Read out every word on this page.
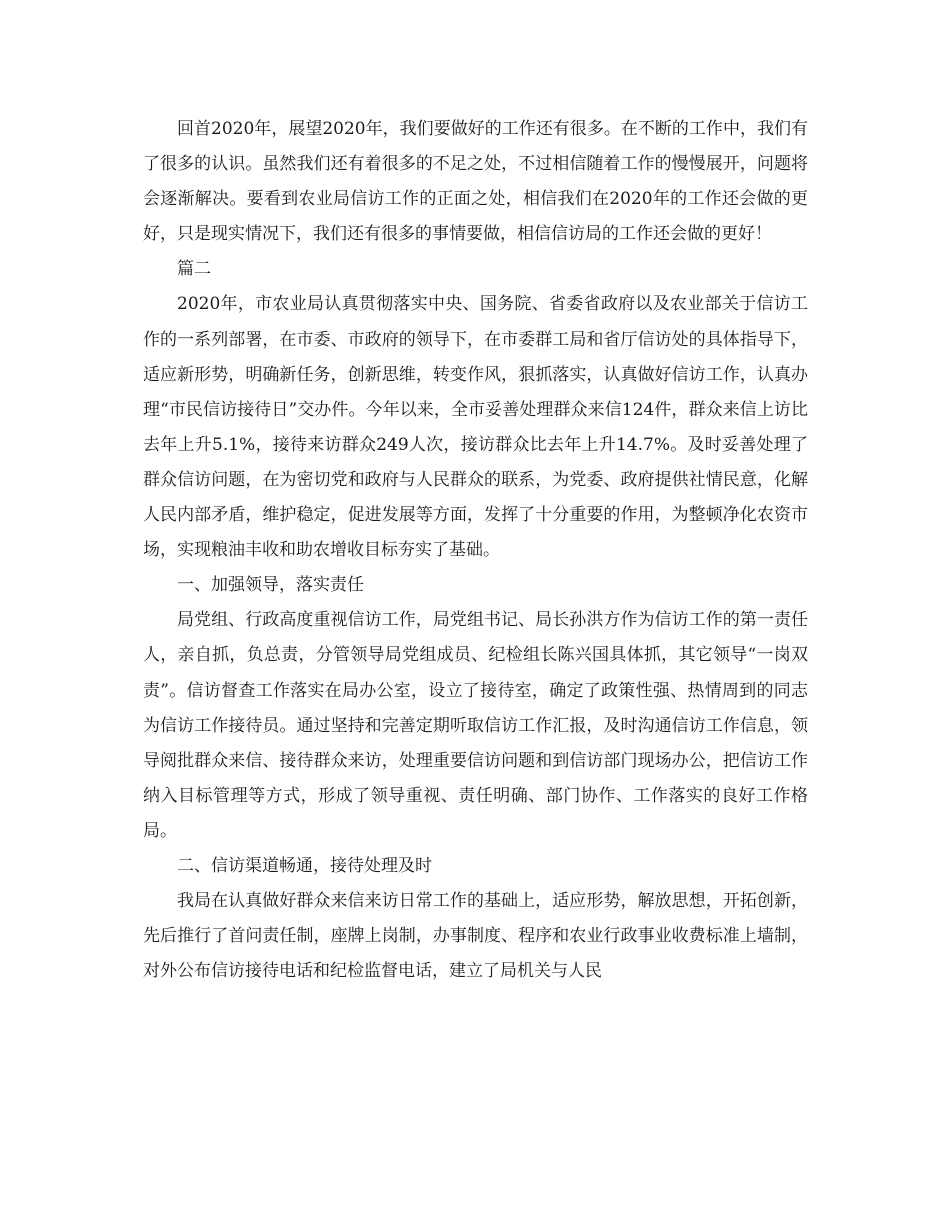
回首2020年，展望2020年，我们要做好的工作还有很多。在不断的工作中，我们有了很多的认识。虽然我们还有着很多的不足之处，不过相信随着工作的慢慢展开，问题将会逐渐解决。要看到农业局信访工作的正面之处，相信我们在2020年的工作还会做的更好，只是现实情况下，我们还有很多的事情要做，相信信访局的工作还会做的更好！

篇二

2020年，市农业局认真贯彻落实中央、国务院、省委省政府以及农业部关于信访工作的一系列部署，在市委、市政府的领导下，在市委群工局和省厅信访处的具体指导下，适应新形势，明确新任务，创新思维，转变作风，狠抓落实，认真做好信访工作，认真办理“市民信访接待日”交办件。今年以来，全市妥善处理群众来信124件，群众来信上访比去年上升5.1%，接待来访群众249人次，接访群众比去年上升14.7%。及时妥善处理了群众信访问题，在为密切党和政府与人民群众的联系，为党委、政府提供社情民意，化解人民内部矛盾，维护稳定，促进发展等方面，发挥了十分重要的作用，为整顿净化农资市场，实现粮油丰收和助农增收目标夯实了基础。

一、加强领导，落实责任

局党组、行政高度重视信访工作，局党组书记、局长孙洪方作为信访工作的第一责任人，亲自抓，负总责，分管领导局党组成员、纪检组长陈兴国具体抓，其它领导“一岗双责”。信访督查工作落实在局办公室，设立了接待室，确定了政策性强、热情周到的同志为信访工作接待员。通过坚持和完善定期听取信访工作汇报，及时沟通信访工作信息，领导阅批群众来信、接待群众来访，处理重要信访问题和到信访部门现场办公，把信访工作纳入目标管理等方式，形成了领导重视、责任明确、部门协作、工作落实的良好工作格局。

二、信访渠道畅通，接待处理及时

我局在认真做好群众来信来访日常工作的基础上，适应形势，解放思想，开拓创新，先后推行了首问责任制，座牌上岗制，办事制度、程序和农业行政事业收费标准上墙制，对外公布信访接待电话和纪检监督电话，建立了局机关与人民
